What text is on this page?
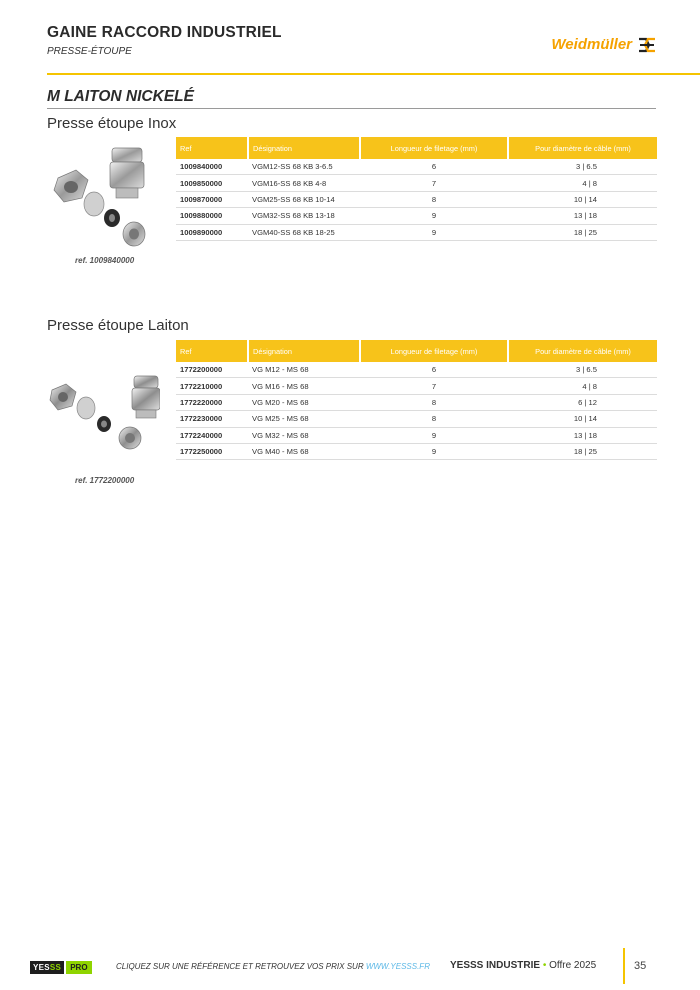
GAINE RACCORD INDUSTRIEL
PRESSE-ÉTOUPE	Weidmüller
M LAITON NICKELÉ
Presse étoupe Inox
ref. 1009840000
Ref	Désignation	Longueur de filetage (mm)	Pour diamètre de câble (mm)
1009840000	VGM12-SS 68 KB 3-6.5	6	3 | 6.5
1009850000	VGM16-SS 68 KB 4-8	7	4 | 8
1009870000	VGM25-SS 68 KB 10-14	8	10 | 14
1009880000	VGM32-SS 68 KB 13-18	9	13 | 18
1009890000	VGM40-SS 68 KB 18-25	9	18 | 25
Presse étoupe Laiton
ref. 1772200000
Ref	Désignation	Longueur de filetage (mm)	Pour diamètre de câble (mm)
1772200000	VG M12 - MS 68	6	3 | 6.5
1772210000	VG M16 - MS 68	7	4 | 8
1772220000	VG M20 - MS 68	8	6 | 12
1772230000	VG M25 - MS 68	8	10 | 14
1772240000	VG M32 - MS 68	9	13 | 18
1772250000	VG M40 - MS 68	9	18 | 25
YESSS	PRO	CLIQUEZ SUR UNE RÉFÉRENCE ET RETROUVEZ VOS PRIX SUR WWW.YESSS.FR YESSS INDUSTRIE • Offre 2025	35
